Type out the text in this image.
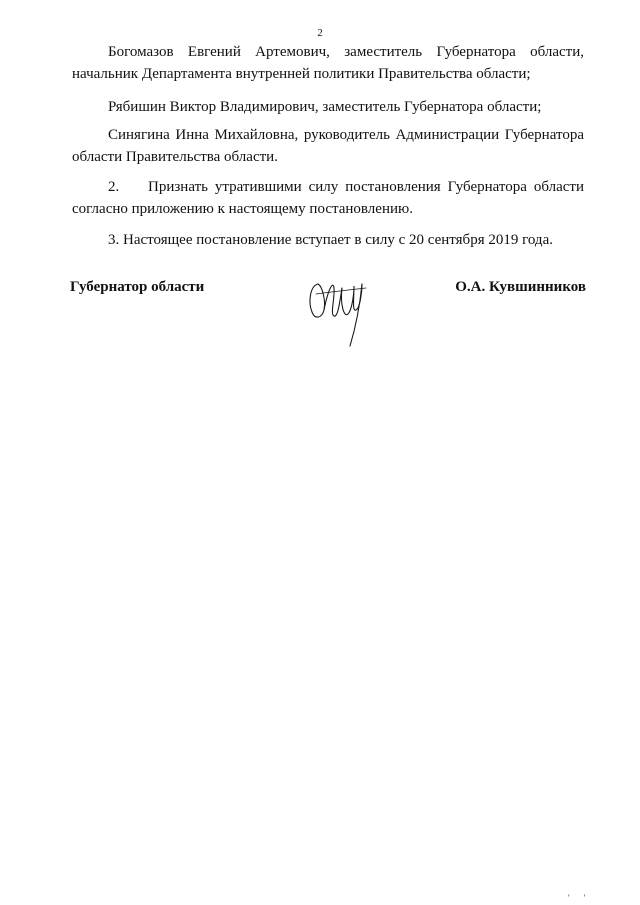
2
Богомазов Евгений Артемович, заместитель Губернатора области, начальник Департамента внутренней политики Правительства области;
Рябишин Виктор Владимирович, заместитель Губернатора области;
Синягина Инна Михайловна, руководитель Администрации Губернатора области Правительства области.
2. Признать утратившими силу постановления Губернатора области согласно приложению к настоящему постановлению.
3. Настоящее постановление вступает в силу с 20 сентября 2019 года.
Губернатор области	О.А. Кувшинников
' '
